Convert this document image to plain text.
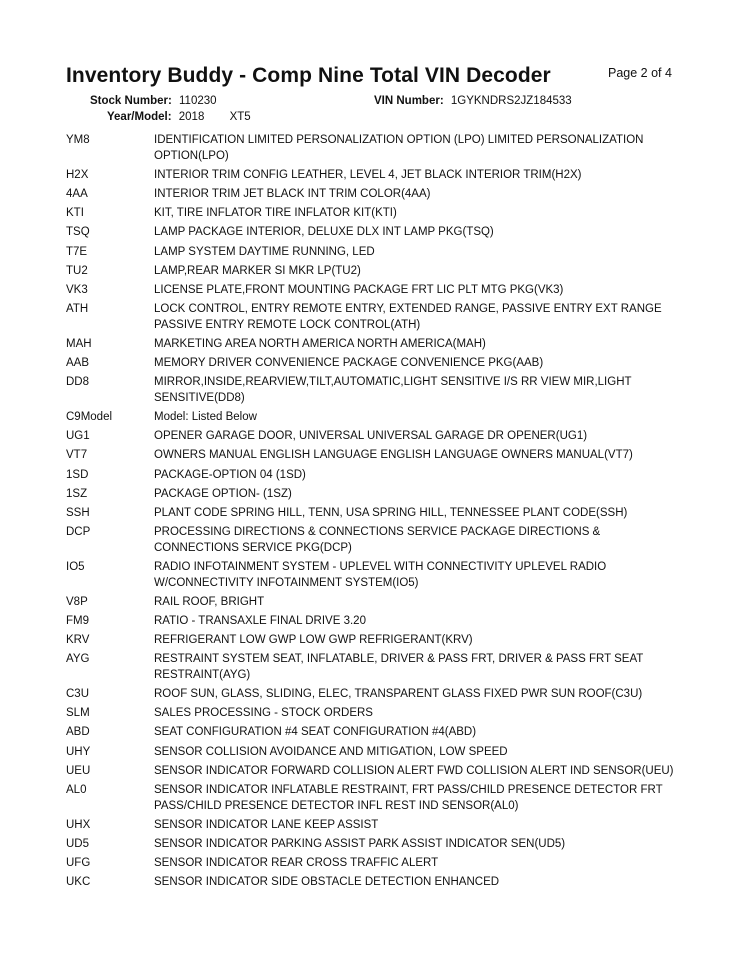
Inventory Buddy - Comp Nine Total VIN Decoder	Page 2 of 4
Stock Number: 110230	VIN Number: 1GYKNDRS2JZ184533
Year/Model: 2018 XT5
YM8	IDENTIFICATION LIMITED PERSONALIZATION OPTION (LPO) LIMITED PERSONALIZATION OPTION(LPO)
H2X	INTERIOR TRIM CONFIG LEATHER, LEVEL 4, JET BLACK INTERIOR TRIM(H2X)
4AA	INTERIOR TRIM JET BLACK INT TRIM COLOR(4AA)
KTI	KIT, TIRE INFLATOR TIRE INFLATOR KIT(KTI)
TSQ	LAMP PACKAGE INTERIOR, DELUXE DLX INT LAMP PKG(TSQ)
T7E	LAMP SYSTEM DAYTIME RUNNING, LED
TU2	LAMP,REAR MARKER SI MKR LP(TU2)
VK3	LICENSE PLATE,FRONT MOUNTING PACKAGE FRT LIC PLT MTG PKG(VK3)
ATH	LOCK CONTROL, ENTRY REMOTE ENTRY, EXTENDED RANGE, PASSIVE ENTRY EXT RANGE PASSIVE ENTRY REMOTE LOCK CONTROL(ATH)
MAH	MARKETING AREA NORTH AMERICA NORTH AMERICA(MAH)
AAB	MEMORY DRIVER CONVENIENCE PACKAGE CONVENIENCE PKG(AAB)
DD8	MIRROR,INSIDE,REARVIEW,TILT,AUTOMATIC,LIGHT SENSITIVE I/S RR VIEW MIR,LIGHT SENSITIVE(DD8)
C9Model	Model: Listed Below
UG1	OPENER GARAGE DOOR, UNIVERSAL UNIVERSAL GARAGE DR OPENER(UG1)
VT7	OWNERS MANUAL ENGLISH LANGUAGE ENGLISH LANGUAGE OWNERS MANUAL(VT7)
1SD	PACKAGE-OPTION 04 (1SD)
1SZ	PACKAGE OPTION- (1SZ)
SSH	PLANT CODE SPRING HILL, TENN, USA SPRING HILL, TENNESSEE PLANT CODE(SSH)
DCP	PROCESSING DIRECTIONS & CONNECTIONS SERVICE PACKAGE DIRECTIONS & CONNECTIONS SERVICE PKG(DCP)
IO5	RADIO INFOTAINMENT SYSTEM - UPLEVEL WITH CONNECTIVITY UPLEVEL RADIO W/CONNECTIVITY INFOTAINMENT SYSTEM(IO5)
V8P	RAIL ROOF, BRIGHT
FM9	RATIO - TRANSAXLE FINAL DRIVE 3.20
KRV	REFRIGERANT LOW GWP LOW GWP REFRIGERANT(KRV)
AYG	RESTRAINT SYSTEM SEAT, INFLATABLE, DRIVER & PASS FRT, DRIVER & PASS FRT SEAT RESTRAINT(AYG)
C3U	ROOF SUN, GLASS, SLIDING, ELEC, TRANSPARENT GLASS FIXED PWR SUN ROOF(C3U)
SLM	SALES PROCESSING - STOCK ORDERS
ABD	SEAT CONFIGURATION #4 SEAT CONFIGURATION #4(ABD)
UHY	SENSOR COLLISION AVOIDANCE AND MITIGATION, LOW SPEED
UEU	SENSOR INDICATOR FORWARD COLLISION ALERT FWD COLLISION ALERT IND SENSOR(UEU)
AL0	SENSOR INDICATOR INFLATABLE RESTRAINT, FRT PASS/CHILD PRESENCE DETECTOR FRT PASS/CHILD PRESENCE DETECTOR INFL REST IND SENSOR(AL0)
UHX	SENSOR INDICATOR LANE KEEP ASSIST
UD5	SENSOR INDICATOR PARKING ASSIST PARK ASSIST INDICATOR SEN(UD5)
UFG	SENSOR INDICATOR REAR CROSS TRAFFIC ALERT
UKC	SENSOR INDICATOR SIDE OBSTACLE DETECTION ENHANCED
